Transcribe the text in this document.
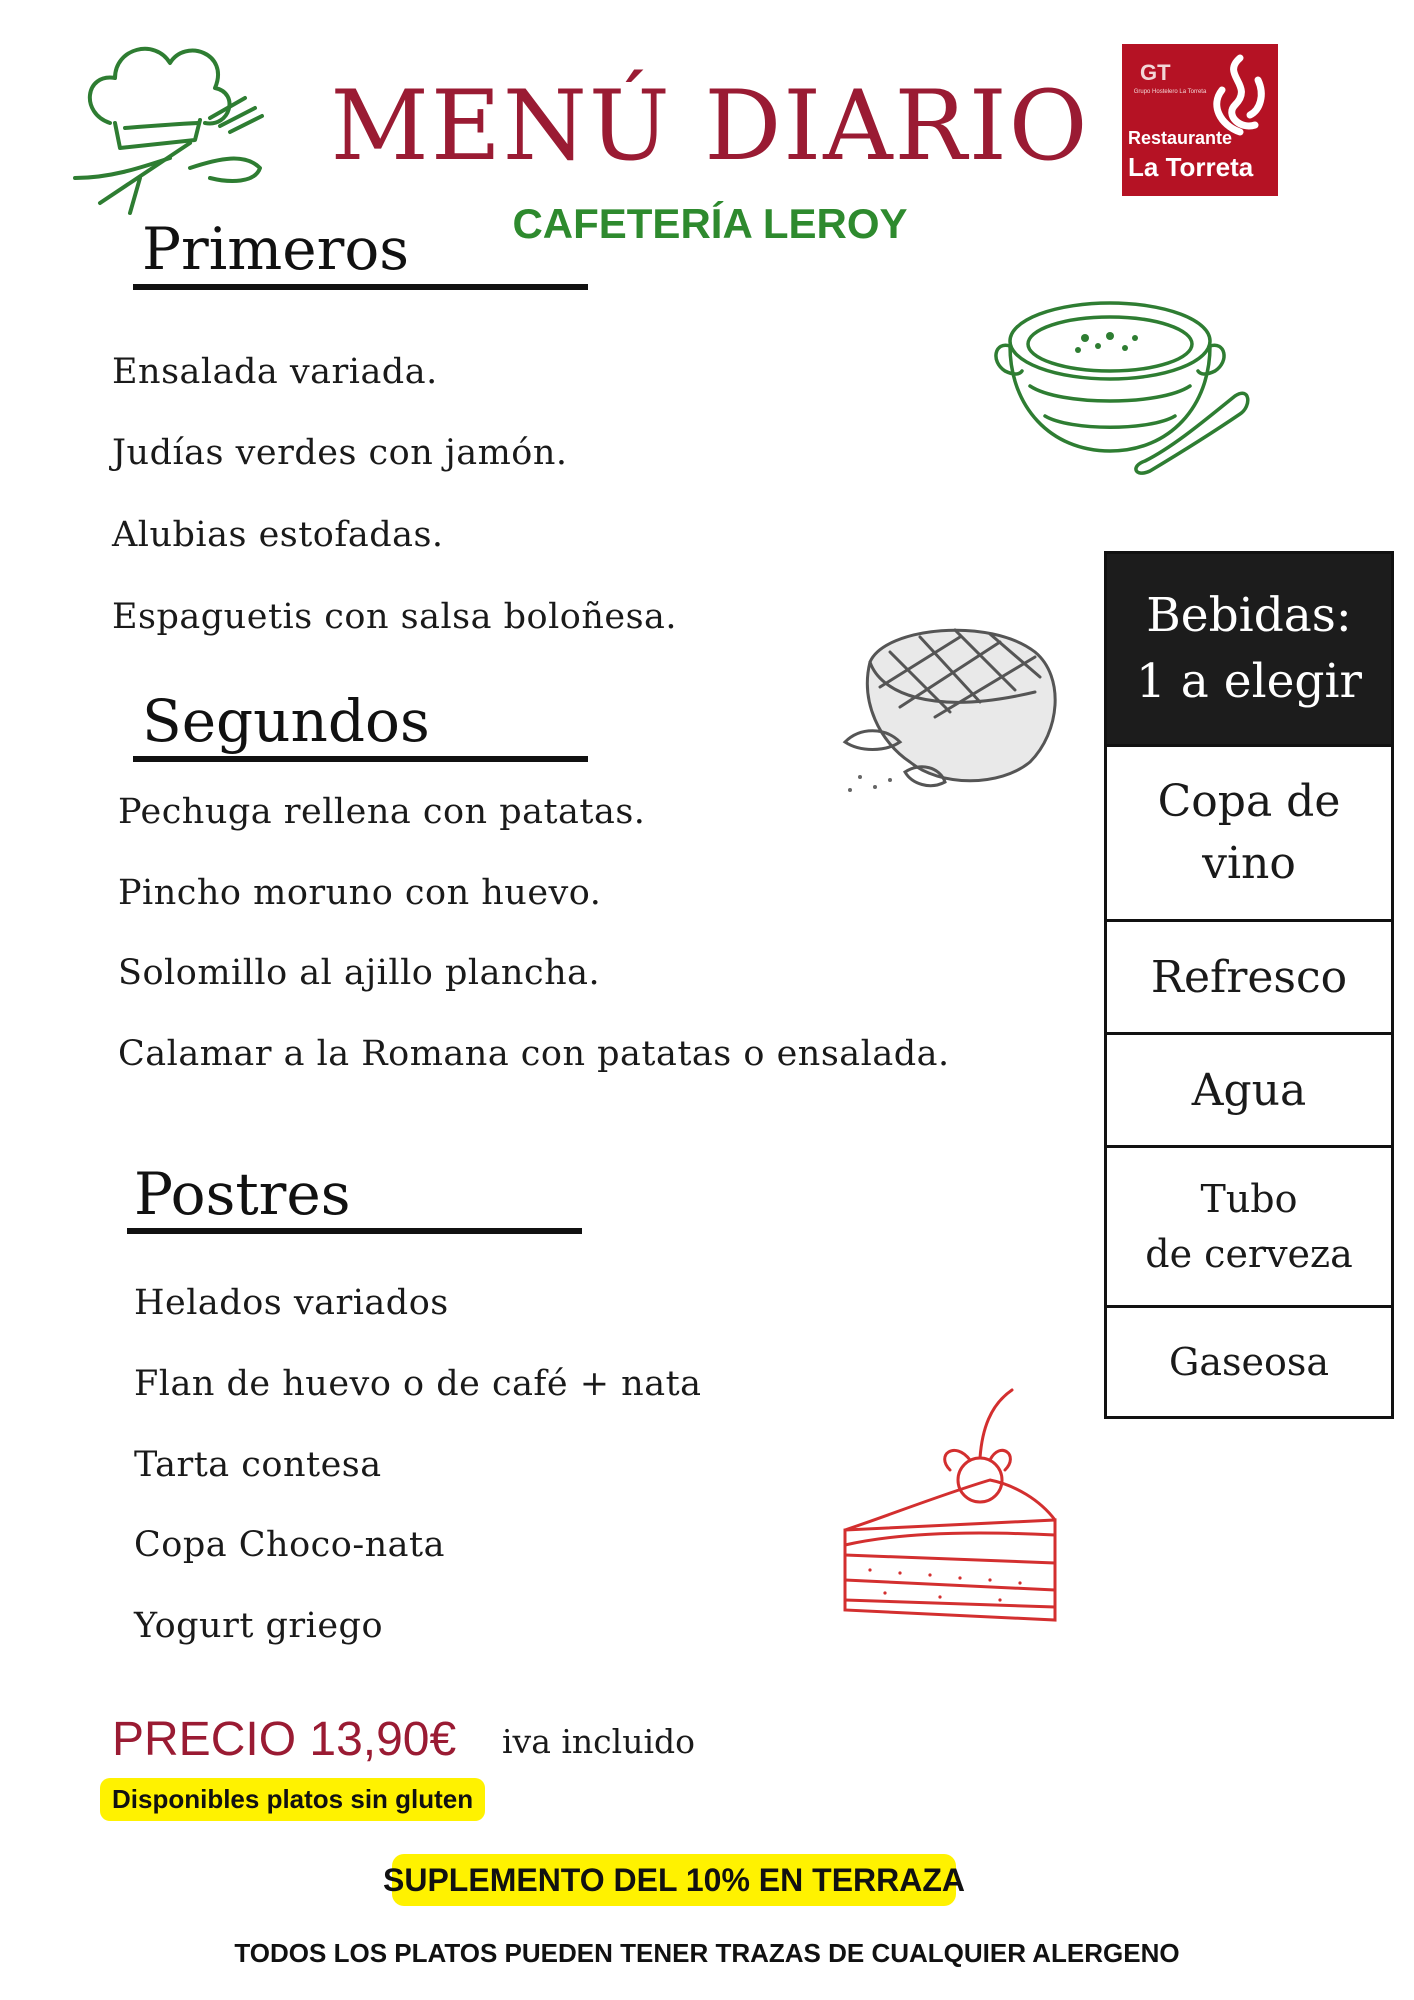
MENÚ DIARIO
CAFETERÍA LEROY
GT
Grupo Hostelero La Torreta
Restaurante
La Torreta
Primeros
Ensalada variada.
Judías verdes con jamón.
Alubias estofadas.
Espaguetis con salsa boloñesa.
Segundos
Pechuga rellena con patatas.
Pincho moruno con huevo.
Solomillo al ajillo plancha.
Calamar a la Romana con patatas o ensalada.
Postres
Helados variados
Flan de huevo o de café + nata
Tarta contesa
Copa Choco-nata
Yogurt griego
Bebidas:
1 a elegir
Copa de
vino
Refresco
Agua
Tubo
de cerveza
Gaseosa
PRECIO 13,90€ iva incluido
Disponibles platos sin gluten
SUPLEMENTO DEL 10% EN TERRAZA
TODOS LOS PLATOS PUEDEN TENER TRAZAS DE CUALQUIER ALERGENO
